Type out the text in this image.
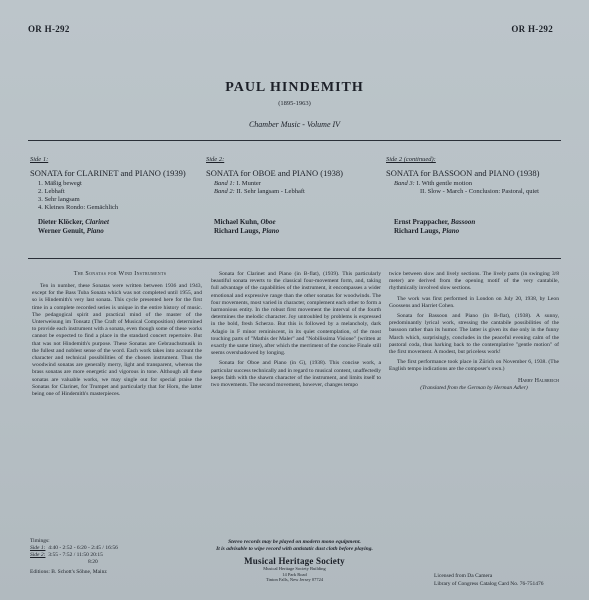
OR H-292	OR H-292
PAUL HINDEMITH
(1895-1963)
Chamber Music - Volume IV
Side 1:
SONATA for CLARINET and PIANO (1939)
1. Mäßig bewegt
2. Lebhaft
3. Sehr langsam
4. Kleines Rondo: Gemächlich
Dieter Klöcker, Clarinet
Werner Genuit, Piano
Side 2:
SONATA for OBOE and PIANO (1938)
Band 1: I. Munter
Band 2: II. Sehr langsam - Lebhaft
Michael Kuhn, Oboe
Richard Laugs, Piano
Side 2 (continued):
SONATA for BASSOON and PIANO (1938)
Band 3: I. With gentle motion
II. Slow - March - Conclusion: Pastoral, quiet
Ernst Prappacher, Bassoon
Richard Laugs, Piano
The Sonatas for Wind Instruments

Ten in number, these Sonatas were written between 1936 and 1943, except for the Bass Tuba Sonata which was not completed until 1955, and so is Hindemith's very last sonata. This cycle presented here for the first time in a complete recorded series is unique in the entire history of music. The pedagogical spirit and practical mind of the master of the Unterweisung im Tonsatz (The Craft of Musical Composition) determined to provide each instrument with a sonata, even though some of these works cannot be expected to find a place in the standard concert repertoire. But that was not Hindemith's purpose. These Sonatas are Gebrauchsmusik in the fullest and noblest sense of the word. Each work takes into account the character and technical possibilities of the chosen instrument. Thus the woodwind sonatas are generally merry, light and transparent, whereas the brass sonatas are more energetic and vigorous in tone. Although all these sonatas are valuable works, we may single out for special praise the Sonatas for Clarinet, for Trumpet and particularly that for Horn, the latter being one of Hindemith's masterpieces.

Sonata for Clarinet and Piano (in B-flat), (1939). This particularly beautiful sonata reverts to the classical four-movement form, and, taking full advantage of the capabilities of the instrument, it encompasses a wider emotional and expressive range than the other sonatas for woodwinds. The four movements, most varied in character, complement each other to form a harmonious entity. In the robust first movement the interval of the fourth determines the melodic character. Joy untroubled by problems is expressed in the bold, fresh Scherzo. But this is followed by a melancholy, dark Adagio in F minor reminiscent, in its quiet contemplation, of the most touching parts of "Mathis der Maler" and "Nobilissima Visione" (written at exactly the same time), after which the merriment of the concise Finale still seems overshadowed by longing.

Sonata for Oboe and Piano (in G), (1938). This concise work, a particular success technically and in regard to musical content, unaffectedly keeps faith with the shawm character of the instrument, and limits itself to two movements. The second movement, however, changes tempo

twice between slow and lively sections. The lively parts (in swinging 3/8 meter) are derived from the opening motif of the very cantabile, rhythmically involved slow sections.

The work was first performed in London on July 20, 1938, by Leon Goossens and Harriet Cohen.

Sonata for Bassoon and Piano (in B-flat), (1938). A sunny, predominantly lyrical work, stressing the cantabile possibilities of the bassoon rather than its humor. The latter is given its due only in the funny March which, surprisingly, concludes in the peaceful evening calm of the pastoral coda, thus harking back to the contemplative "gentle motion" of the first movement. A modest, but priceless work!

The first performance took place in Zürich on November 6, 1938. (The English tempo indications are the composer's own.)

Harry Halbreich
(Translated from the German by Herman Adler)
Timings:
Side 1: 4:40 - 2:52 - 6:20 - 2:45 / 16:56
Side 2: 3:55 - 7:52 / 11:50 20:15
8:20
Editions: B. Schott's Söhne, Mainz
Stereo records may be played on modern mono equipment.
It is advisable to wipe record with antistatic dust cloth before playing.
Musical Heritage Society
Musical Heritage Society Building
14 Park Road
Tinton Falls, New Jersey 07724
Licensed from Da Camera
Library of Congress Catalog Card No. 76-751476
